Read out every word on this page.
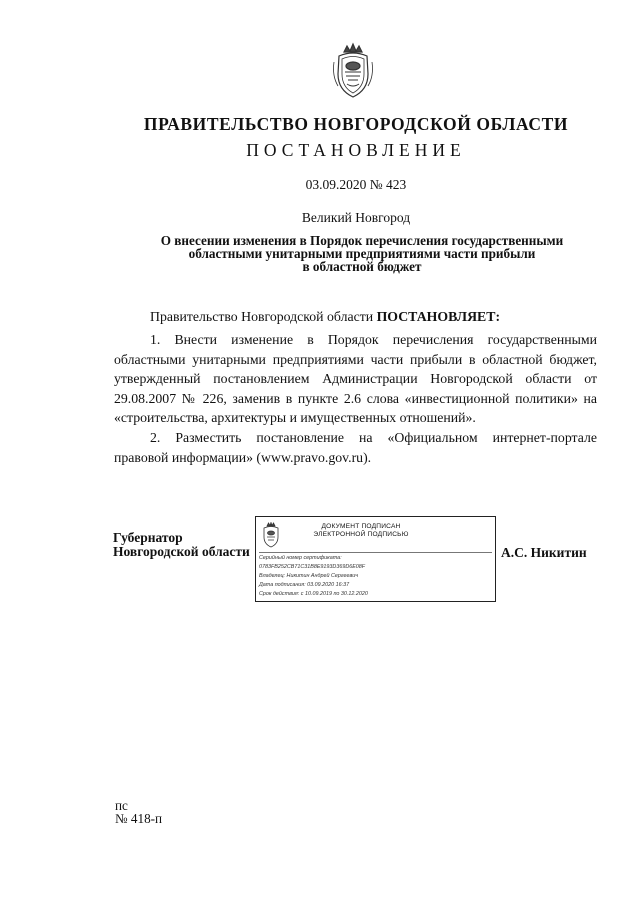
ПРАВИТЕЛЬСТВО НОВГОРОДСКОЙ ОБЛАСТИ
ПОСТАНОВЛЕНИЕ
03.09.2020 № 423
Великий Новгород
О внесении изменения в Порядок перечисления государственными
областными унитарными предприятиями части прибыли
в областной бюджет
Правительство Новгородской области ПОСТАНОВЛЯЕТ:

1. Внести изменение в Порядок перечисления государственными областными унитарными предприятиями части прибыли в областной бюджет, утвержденный постановлением Администрации Новгородской области от 29.08.2007 № 226, заменив в пункте 2.6 слова «инвестиционной политики» на «строительства, архитектуры и имущественных отношений».

2. Разместить постановление на «Официальном интернет-портале правовой информации» (www.pravo.gov.ru).

Губернатор
Новгородской области
ДОКУМЕНТ ПОДПИСАН
ЭЛЕКТРОННОЙ ПОДПИСЬЮ
Серийный номер сертификата:
0783FB252CB71C31B8E9193D369D6E08F
Владелец: Никитин Андрей Сергеевич
Дата подписания: 03.09.2020 16:37
Срок действия: с 10.09.2019 по 30.12.2020
А.С. Никитин
пс
№ 418-п
